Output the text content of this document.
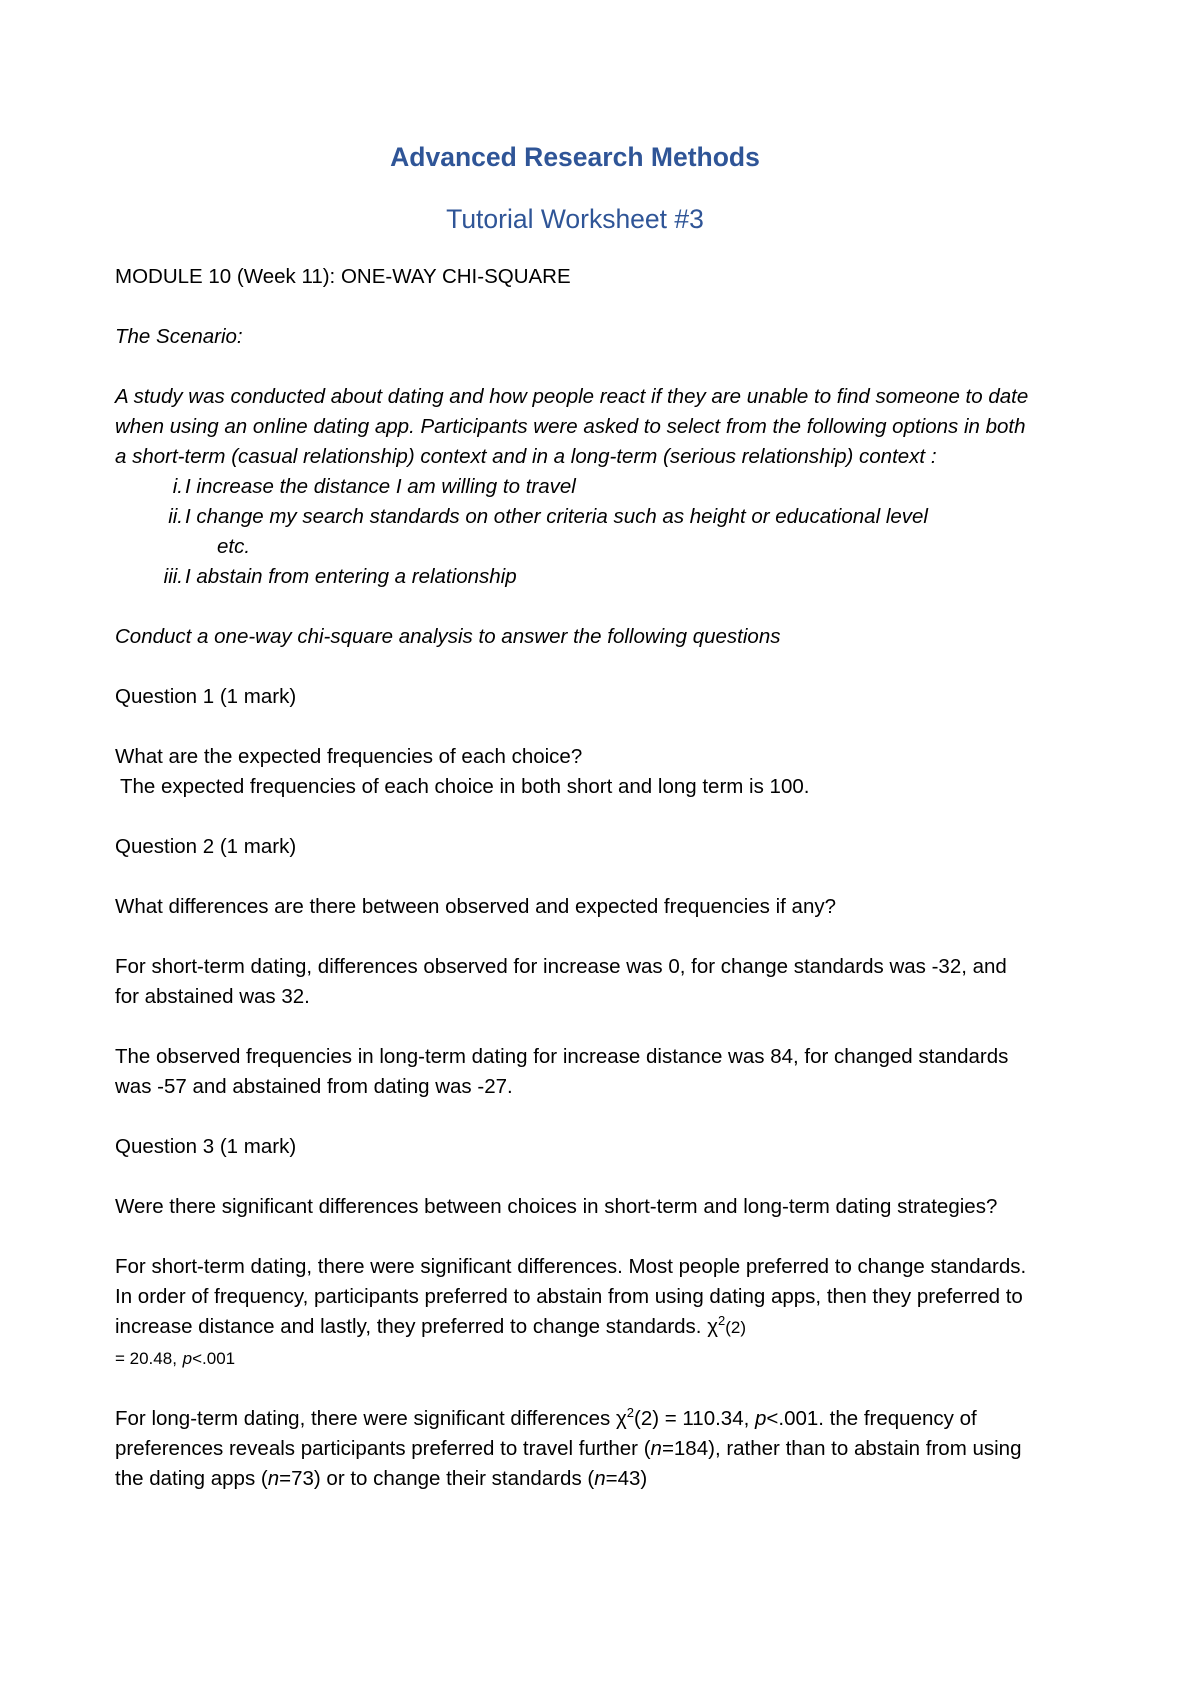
Advanced Research Methods
Tutorial Worksheet #3

MODULE 10 (Week 11): ONE-WAY CHI-SQUARE

The Scenario:

A study was conducted about dating and how people react if they are unable to find someone to date when using an online dating app. Participants were asked to select from the following options in both a short-term (casual relationship) context and in a long-term (serious relationship) context :

i. I increase the distance I am willing to travel
ii. I change my search standards on other criteria such as height or educational level
etc.
iii. I abstain from entering a relationship

Conduct a one-way chi-square analysis to answer the following questions

Question 1 (1 mark)

What are the expected frequencies of each choice?

The expected frequencies of each choice in both short and long term is 100.

Question 2 (1 mark)

What differences are there between observed and expected frequencies if any?

For short-term dating, differences observed for increase was 0, for change standards was -32, and for abstained was 32.

The observed frequencies in long-term dating for increase distance was 84, for changed standards was -57 and abstained from dating was -27.

Question 3 (1 mark)

Were there significant differences between choices in short-term and long-term dating strategies?

For short-term dating, there were significant differences. Most people preferred to change standards. In order of frequency, participants preferred to abstain from using dating apps, then they preferred to increase distance and lastly, they preferred to change standards. $\chi^2(2)$
= 20.48, p<.001

For long-term dating, there were significant differences $\chi^2(2) = 110.34$, p<.001. the frequency of preferences reveals participants preferred to travel further (n=184), rather than to abstain from using the dating apps (n=73) or to change their standards (n=43)
